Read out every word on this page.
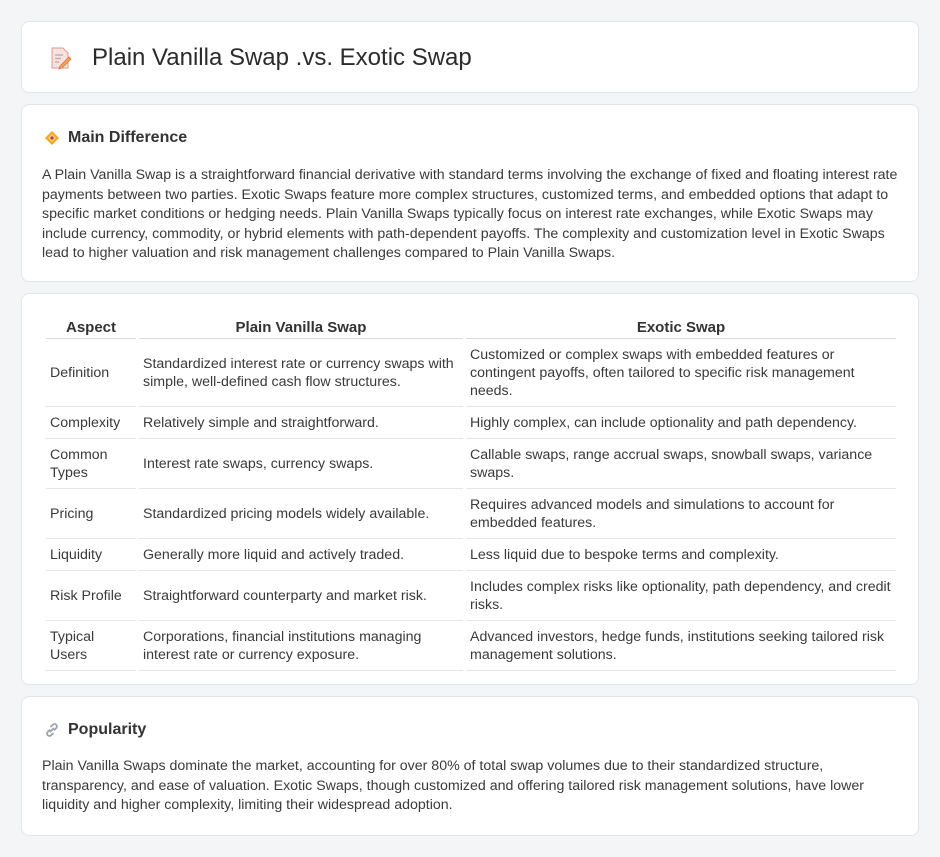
Plain Vanilla Swap .vs. Exotic Swap
Main Difference

A Plain Vanilla Swap is a straightforward financial derivative with standard terms involving the exchange of fixed and floating interest rate payments between two parties. Exotic Swaps feature more complex structures, customized terms, and embedded options that adapt to specific market conditions or hedging needs. Plain Vanilla Swaps typically focus on interest rate exchanges, while Exotic Swaps may include currency, commodity, or hybrid elements with path-dependent payoffs. The complexity and customization level in Exotic Swaps lead to higher valuation and risk management challenges compared to Plain Vanilla Swaps.

Aspect	Plain Vanilla Swap	Exotic Swap
Definition	Standardized interest rate or currency swaps with simple, well-defined cash flow structures.	Customized or complex swaps with embedded features or contingent payoffs, often tailored to specific risk management needs.
Complexity	Relatively simple and straightforward.	Highly complex, can include optionality and path dependency.
Common Types	Interest rate swaps, currency swaps.	Callable swaps, range accrual swaps, snowball swaps, variance swaps.
Pricing	Standardized pricing models widely available.	Requires advanced models and simulations to account for embedded features.
Liquidity	Generally more liquid and actively traded.	Less liquid due to bespoke terms and complexity.
Risk Profile	Straightforward counterparty and market risk.	Includes complex risks like optionality, path dependency, and credit risks.
Typical Users	Corporations, financial institutions managing interest rate or currency exposure.	Advanced investors, hedge funds, institutions seeking tailored risk management solutions.
Popularity

Plain Vanilla Swaps dominate the market, accounting for over 80% of total swap volumes due to their standardized structure, transparency, and ease of valuation. Exotic Swaps, though customized and offering tailored risk management solutions, have lower liquidity and higher complexity, limiting their widespread adoption.
